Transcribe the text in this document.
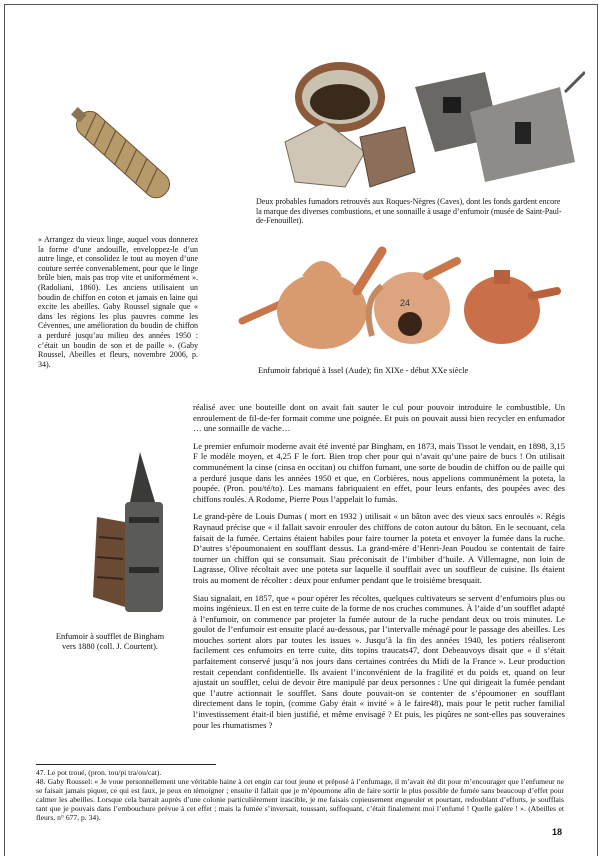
Deux probables fumadors retrouvés aux Roques-Nègres (Caves), dont les fonds gardent encore la marque des diverses combustions, et une sonnaille à usage d’enfumoir (musée de Saint-Paul-de-Fenouillet).
« Arrangez du vieux linge, auquel vous donnerez la forme d’une andouille, enveloppez-le d’un autre linge, et consolidez le tout au moyen d’une couture serrée convenablement, pour que le linge brûle bien, mais pas trop vite et uniformément ». (Radoliani, 1860). Les anciens utilisaient un boudin de chiffon en coton et jamais en laine qui excite les abeilles. Gaby Roussel signale que « dans les régions les plus pauvres comme les Cévennes, une amélioration du boudin de chiffon a perduré jusqu’au milieu des années 1950 : c’était un boudin de son et de paille ». (Gaby Roussel, Abeilles et fleurs, novembre 2006, p. 34).
24
Enfumoir fabriqué à Issel (Aude); fin XIXe - début XXe siècle
Enfumoir à soufflet de Bingham
vers 1880 (coll. J. Courtent).

réalisé avec une bouteille dont on avait fait sauter le cul pour pouvoir introduire le combustible. Un enroulement de fil-de-fer formait comme une poignée. Et puis on pouvait aussi bien recycler en enfumador … une sonnaille de vache…

Le premier enfumoir moderne avait été inventé par Bingham, en 1873, mais Tissot le vendait, en 1898, 3,15 F le modèle moyen, et 4,25 F le fort. Bien trop cher pour qui n’avait qu’une paire de bucs ! On utilisait communément la cinse (cinsa en occitan) ou chiffon fumant, une sorte de boudin de chiffon ou de paille qui a perduré jusque dans les années 1950 et que, en Corbières, nous appelions communément la poteta, la poupée. (Pron. pou/té/to). Les mamans fabriquaient en effet, pour leurs enfants, des poupées avec des chiffons roulés. A Rodome, Pierre Pous l’appelait lo fumàs.

Le grand-père de Louis Dumas ( mort en 1932 ) utilisait « un bâton avec des vieux sacs enroulés ». Régis Raynaud précise que « il fallait savoir enrouler des chiffons de coton autour du bâton. En le secouant, cela faisait de la fumée. Certains étaient habiles pour faire tourner la poteta et envoyer la fumée dans la ruche. D’autres s’époumonaient en soufflant dessus. La grand-mère d’Henri-Jean Poudou se contentait de faire tourner un chiffon qui se consumait. Siau préconisait de l’imbiber d’huile. A Villemagne, non loin de Lagrasse, Olive récoltait avec une poteta sur laquelle il soufflait avec un souffleur de cuisine. Ils étaient trois au moment de récolter : deux pour enfumer pendant que le troisième bresquait.

Siau signalait, en 1857, que « pour opérer les récoltes, quelques cultivateurs se servent d’enfumoirs plus ou moins ingénieux. Il en est en terre cuite de la forme de nos cruches communes. À l’aide d’un soufflet adapté à l’enfumoir, on commence par projeter la fumée autour de la ruche pendant deux ou trois minutes. Le goulot de l’enfumoir est ensuite placé au-dessous, par l’intervalle ménagé pour le passage des abeilles. Les mouches sortent alors par toutes les issues ». Jusqu’à la fin des années 1940, les potiers réaliseront facilement ces enfumoirs en terre cuite, dits topins traucats47, dont Debeauvoys disait que « il s’était parfaitement conservé jusqu’à nos jours dans certaines contrées du Midi de la France ». Leur production restait cependant confidentielle. Ils avaient l’inconvénient de la fragilité et du poids et, quand on leur ajustait un soufflet, celui de devoir être manipulé par deux personnes : Une qui dirigeait la fumée pendant que l’autre actionnait le soufflet. Sans doute pouvait-on se contenter de s’époumoner en soufflant directement dans le topin, (comme Gaby était « invité » à le faire48), mais pour le petit rucher familial l’investissement était-il bien justifié, et même envisagé ? Et puis, les piqûres ne sont-elles pas souveraines pour les rhumatismes ?

47. Le pot troué, (pron. tou/pi tra/ou/cat).
48. Gaby Roussel: « Je voue personnellement une véritable haine à cet engin car tout jeune et préposé à l’enfumage, il m’avait été dit pour m’encourager que l’enfumeur ne se faisait jamais piquer, ce qui est faux, je peux en témoigner ; ensuite il fallait que je m’époumone afin de faire sortir le plus possible de fumée sans beaucoup d’effet pour calmer les abeilles. Lorsque cela barrait auprès d’une colonie particulièrement irascible, je me faisais copieusement engueuler et pourtant, redoublant d’efforts, je soufflais tant que je pouvais dans l’embouchure prévue à cet effet ; mais la fumée s’inversait, toussant, suffoquant, c’était finalement moi l’enfumé ! Quelle galère ! ». (Abeilles et fleurs, n° 677, p. 34).
18
